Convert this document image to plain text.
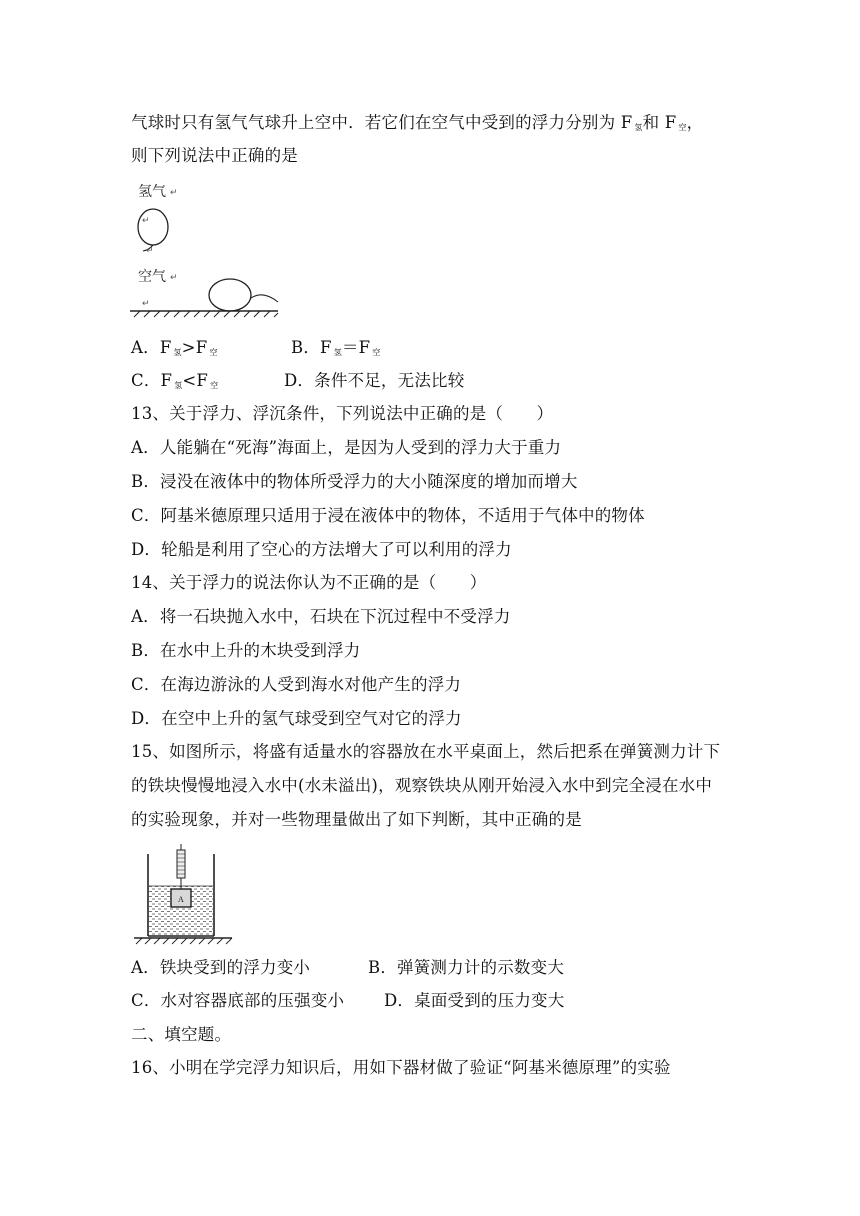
气球时只有氢气气球升上空中．若它们在空气中受到的浮力分别为 F $_氢$和 F $_空$，
则下列说法中正确的是
氢气 ↵
↵
↵
空气 ↵
↵
A．F $_氢$>F $_空$	B．F $_氢$＝F $_空$
C．F $_氢$<F $_空$	D．条件不足，无法比较
13、关于浮力、浮沉条件，下列说法中正确的是（　　）
A．人能躺在“死海”海面上，是因为人受到的浮力大于重力
B．浸没在液体中的物体所受浮力的大小随深度的增加而增大
C．阿基米德原理只适用于浸在液体中的物体，不适用于气体中的物体
D．轮船是利用了空心的方法增大了可以利用的浮力
14、关于浮力的说法你认为不正确的是（　　）
A．将一石块抛入水中，石块在下沉过程中不受浮力
B．在水中上升的木块受到浮力
C．在海边游泳的人受到海水对他产生的浮力
D．在空中上升的氢气球受到空气对它的浮力
15、如图所示，将盛有适量水的容器放在水平桌面上，然后把系在弹簧测力计下
的铁块慢慢地浸入水中(水未溢出)，观察铁块从刚开始浸入水中到完全浸在水中
的实验现象，并对一些物理量做出了如下判断，其中正确的是
A
A．铁块受到的浮力变小	B．弹簧测力计的示数变大
C．水对容器底部的压强变小 D．桌面受到的压力变大
二、填空题。
16、小明在学完浮力知识后，用如下器材做了验证“阿基米德原理”的实验
